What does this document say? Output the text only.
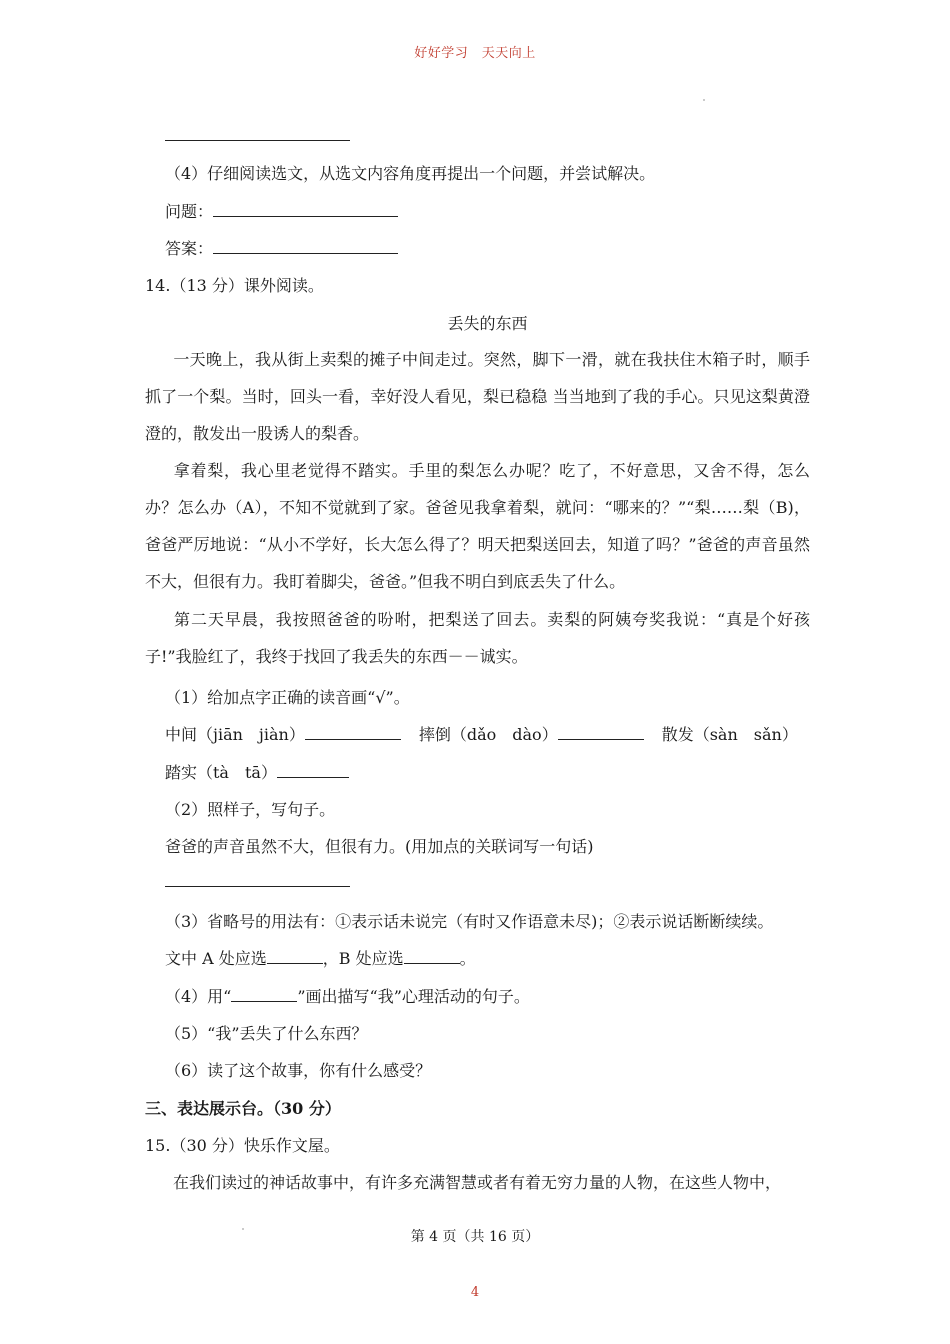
好好学习　天天向上
（4）仔细阅读选文，从选文内容角度再提出一个问题，并尝试解决。
问题：
答案：
14.（13 分）课外阅读。
丢失的东西
一天晚上，我从街上卖梨的摊子中间走过。突然，脚下一滑，就在我扶住木箱子时，顺手抓了一个梨。当时，回头一看，幸好没人看见，梨已稳稳 当当地到了我的手心。只见这梨黄澄澄的，散发出一股诱人的梨香。
拿着梨，我心里老觉得不踏实。手里的梨怎么办呢？吃了，不好意思，又舍不得，怎么办？怎么办（A），不知不觉就到了家。爸爸见我拿着梨，就问：“哪来的？”“梨……梨（B)，爸爸严厉地说：“从小不学好，长大怎么得了？明天把梨送回去，知道了吗？”爸爸的声音虽然不大，但很有力。我盯着脚尖，爸爸。”但我不明白到底丢失了什么。
第二天早晨，我按照爸爸的吩咐，把梨送了回去。卖梨的阿姨夸奖我说：“真是个好孩子!”我脸红了，我终于找回了我丢失的东西－－诚实。
（1）给加点字正确的读音画“√”。
中间（jiān　jiàn）	摔倒（dǎo　dào）	散发（sàn　sǎn）
踏实（tà　tā）
（2）照样子，写句子。
爸爸的声音虽然不大，但很有力。(用加点的关联词写一句话)
（3）省略号的用法有：①表示话未说完（有时又作语意未尽)；②表示说话断断续续。
文中 A 处应选	，B 处应选	。
（4）用“	”画出描写“我”心理活动的句子。
（5）“我”丢失了什么东西？
（6）读了这个故事，你有什么感受？
三、表达展示台。（30 分）
15.（30 分）快乐作文屋。
在我们读过的神话故事中，有许多充满智慧或者有着无穷力量的人物，在这些人物中，
第 4 页（共 16 页）
4
